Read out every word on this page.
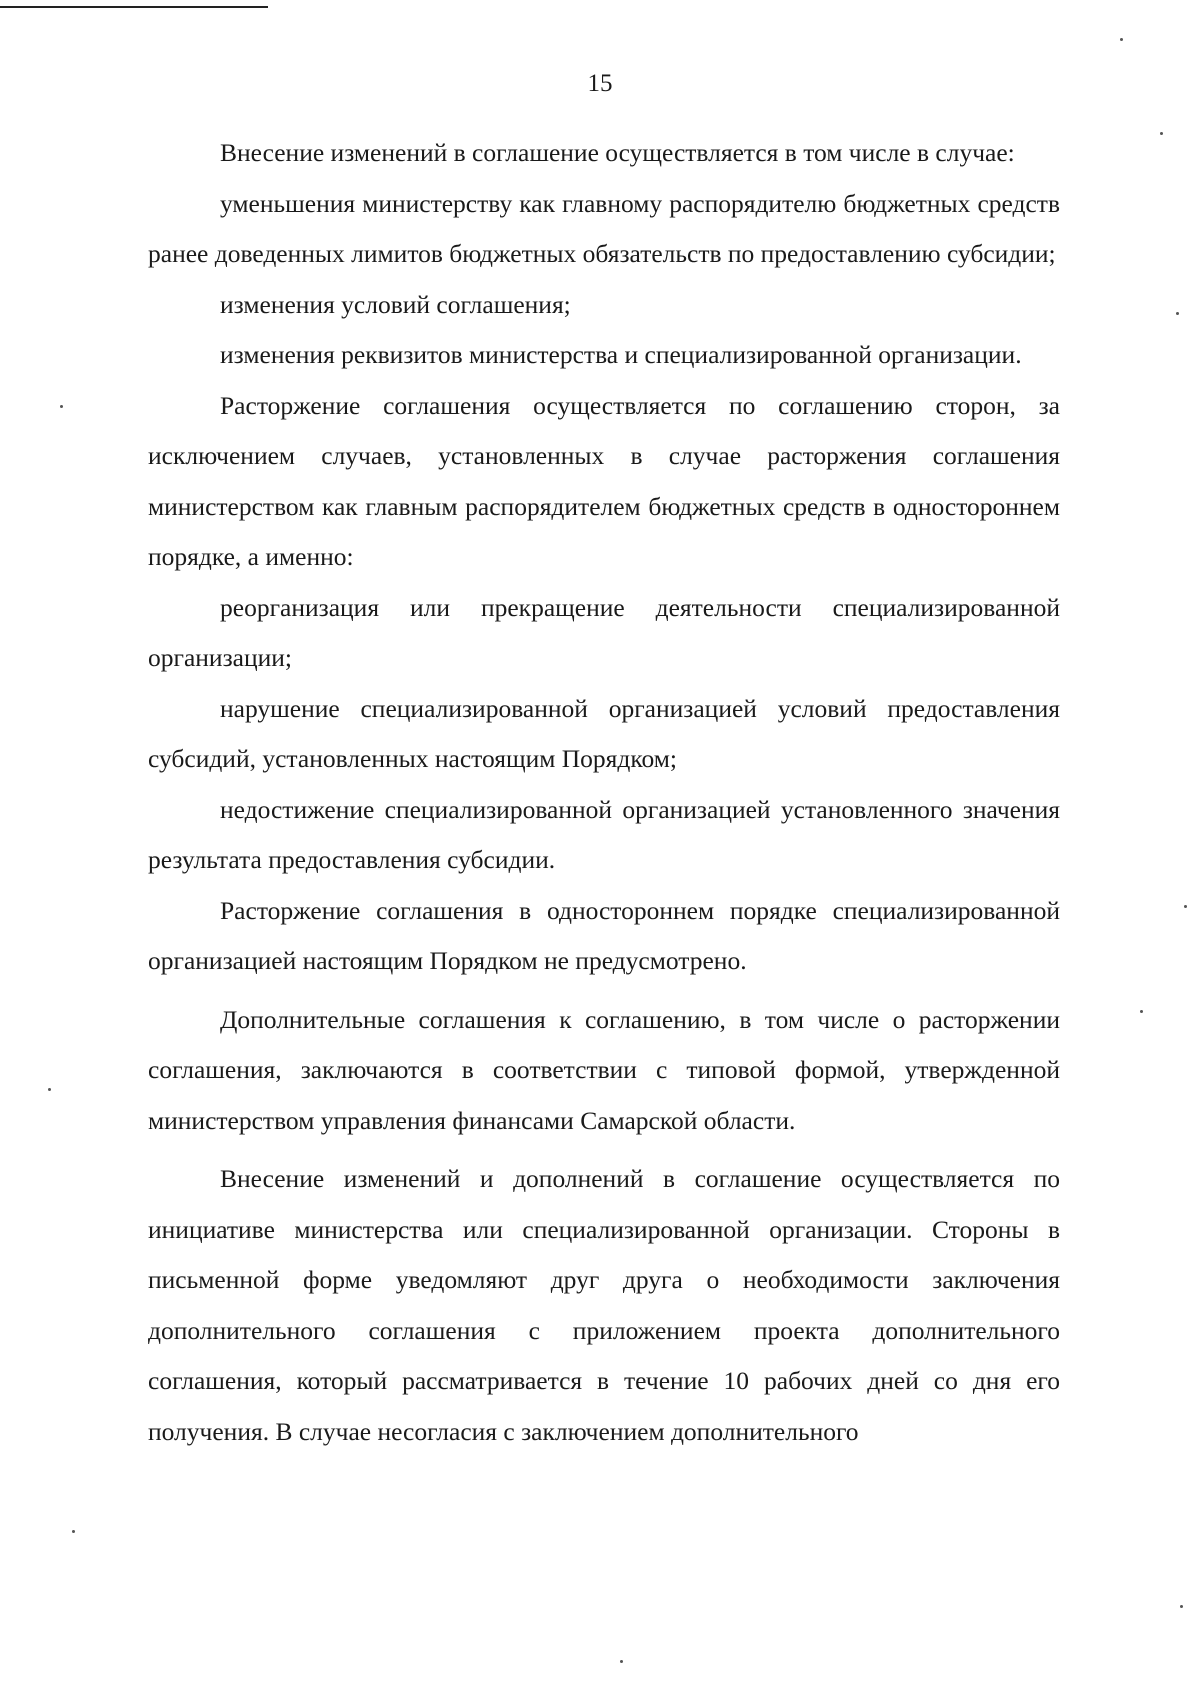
15

Внесение изменений в соглашение осуществляется в том числе в случае:

уменьшения министерству как главному распорядителю бюджетных средств ранее доведенных лимитов бюджетных обязательств по предоставлению субсидии;

изменения условий соглашения;

изменения реквизитов министерства и специализированной организации.

Расторжение соглашения осуществляется по соглашению сторон, за исключением случаев, установленных в случае расторжения соглашения министерством как главным распорядителем бюджетных средств в одностороннем порядке, а именно:

реорганизация или прекращение деятельности специализированной организации;

нарушение специализированной организацией условий предоставления субсидий, установленных настоящим Порядком;

недостижение специализированной организацией установленного значения результата предоставления субсидии.

Расторжение соглашения в одностороннем порядке специализированной организацией настоящим Порядком не предусмотрено.

Дополнительные соглашения к соглашению, в том числе о расторжении соглашения, заключаются в соответствии с типовой формой, утвержденной министерством управления финансами Самарской области.

Внесение изменений и дополнений в соглашение осуществляется по инициативе министерства или специализированной организации. Стороны в письменной форме уведомляют друг друга о необходимости заключения дополнительного соглашения с приложением проекта дополнительного соглашения, который рассматривается в течение 10 рабочих дней со дня его получения. В случае несогласия с заключением дополнительного
